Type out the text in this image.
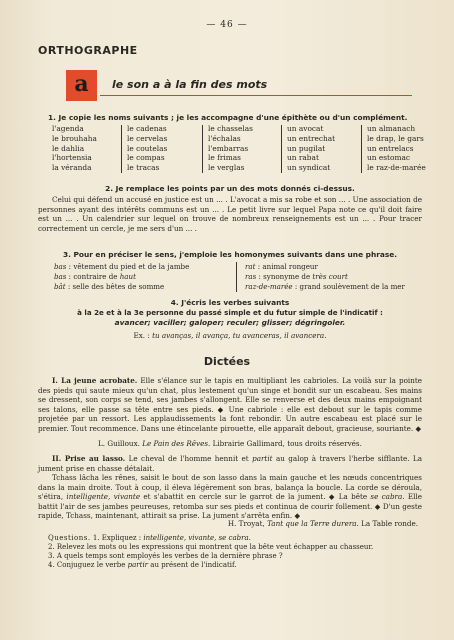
— 46 —
ORTHOGRAPHE
a	le son a à la fin des mots
1. Je copie les noms suivants ; je les accompagne d'une épithète ou d'un complément.
l'agenda
le brouhaha
le dahlia
l'hortensia
la véranda
le cadenas
le cervelas
le coutelas
le compas
le tracas
le chasselas
l'échalas
l'embarras
le frimas
le verglas
un avocat
un entrechat
un pugilat
un rabat
un syndicat
un almanach
le drap, le gars
un entrelacs
un estomac
le raz-de-marée
2. Je remplace les points par un des mots donnés ci-dessus.
Celui qui défend un accusé en justice est un ... . L'avocat a mis sa robe et son ... . Une association de personnes ayant des intérêts communs est un ... . Le petit livre sur lequel Papa note ce qu'il doit faire est un ... . Un calendrier sur lequel on trouve de nombreux renseignements est un ... . Pour tracer correctement un cercle, je me sers d'un ... .
3. Pour en préciser le sens, j'emploie les homonymes suivants dans une phrase.
bas : vêtement du pied et de la jambe
bas : contraire de haut
bât : selle des bêtes de somme
rat : animal rongeur
ras : synonyme de très court
raz-de-marée : grand soulèvement de la mer
4. J'écris les verbes suivants
à la 2e et à la 3e personne du passé simple et du futur simple de l'indicatif :
avancer; vaciller; galoper; reculer; glisser; dégringoler.
Ex. : tu avanças, il avança, tu avanceras, il avancera.
Dictées
I. La jeune acrobate. Elle s'élance sur le tapis en multipliant les cabrioles. La voilà sur la pointe des pieds qui saute mieux qu'un chat, plus lestement qu'un singe et bondit sur un escabeau. Ses mains se dressent, son corps se tend, ses jambes s'allongent. Elle se renverse et des deux mains empoignant ses talons, elle passe sa tête entre ses pieds. ◆ Une cabriole : elle est debout sur le tapis comme projetée par un ressort. Les applaudissements la font rebondir. Un autre escabeau est placé sur le premier. Tout recommence. Dans une étincelante pirouette, elle apparaît debout, gracieuse, souriante. ◆
L. Guilloux. Le Pain des Rêves. Librairie Gallimard, tous droits réservés.
II. Prise au lasso. Le cheval de l'homme hennit et partit au galop à travers l'herbe sifflante. La jument prise en chasse détalait.
Tchass lâcha les rênes, saisit le bout de son lasso dans la main gauche et les nœuds concentriques dans la main droite. Tout à coup, il éleva légèrement son bras, balança la boucle. La corde se déroula, s'étira, intelligente, vivante et s'abattit en cercle sur le garrot de la jument. ◆ La bête se cabra. Elle battit l'air de ses jambes peureuses, retomba sur ses pieds et continua de courir follement. ◆ D'un geste rapide, Tchass, maintenant, attirait sa prise. La jument s'arrêta enfin. ◆
H. Troyat, Tant que la Terre durera. La Table ronde.
Questions. 1. Expliquez : intelligente, vivante, se cabra.
2. Relevez les mots ou les expressions qui montrent que la bête veut échapper au chasseur.
3. A quels temps sont employés les verbes de la dernière phrase ?
4. Conjuguez le verbe partir au présent de l'indicatif.
